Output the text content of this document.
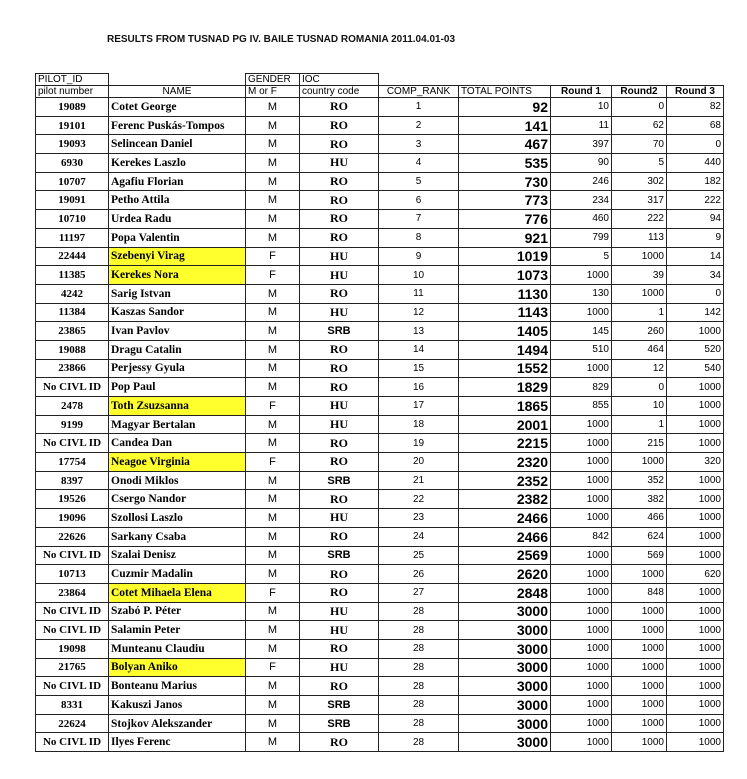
RESULTS FROM TUSNAD PG IV. BAILE TUSNAD ROMANIA 2011.04.01-03
PILOT_ID		GENDER	IOC					
pilot number	NAME	M or F	country code	COMP_RANK	TOTAL POINTS	Round 1	Round2	Round 3
19089	Cotet George	M	RO	1	92	10	0	82
19101	Ferenc Puskás-Tompos	M	RO	2	141	11	62	68
19093	Selincean Daniel	M	RO	3	467	397	70	0
6930	Kerekes Laszlo	M	HU	4	535	90	5	440
10707	Agafiu Florian	M	RO	5	730	246	302	182
19091	Petho Attila	M	RO	6	773	234	317	222
10710	Urdea Radu	M	RO	7	776	460	222	94
11197	Popa Valentin	M	RO	8	921	799	113	9
22444	Szebenyi Virag	F	HU	9	1019	5	1000	14
11385	Kerekes Nora	F	HU	10	1073	1000	39	34
4242	Sarig Istvan	M	RO	11	1130	130	1000	0
11384	Kaszas Sandor	M	HU	12	1143	1000	1	142
23865	Ivan Pavlov	M	SRB	13	1405	145	260	1000
19088	Dragu Catalin	M	RO	14	1494	510	464	520
23866	Perjessy Gyula	M	RO	15	1552	1000	12	540
No CIVL ID	Pop Paul	M	RO	16	1829	829	0	1000
2478	Toth Zsuzsanna	F	HU	17	1865	855	10	1000
9199	Magyar Bertalan	M	HU	18	2001	1000	1	1000
No CIVL ID	Candea Dan	M	RO	19	2215	1000	215	1000
17754	Neagoe Virginia	F	RO	20	2320	1000	1000	320
8397	Onodi Miklos	M	SRB	21	2352	1000	352	1000
19526	Csergo Nandor	M	RO	22	2382	1000	382	1000
19096	Szollosi Laszlo	M	HU	23	2466	1000	466	1000
22626	Sarkany Csaba	M	RO	24	2466	842	624	1000
No CIVL ID	Szalai Denisz	M	SRB	25	2569	1000	569	1000
10713	Cuzmir Madalin	M	RO	26	2620	1000	1000	620
23864	Cotet Mihaela Elena	F	RO	27	2848	1000	848	1000
No CIVL ID	Szabó P. Péter	M	HU	28	3000	1000	1000	1000
No CIVL ID	Salamin Peter	M	HU	28	3000	1000	1000	1000
19098	Munteanu Claudiu	M	RO	28	3000	1000	1000	1000
21765	Bolyan Aniko	F	HU	28	3000	1000	1000	1000
No CIVL ID	Bonteanu Marius	M	RO	28	3000	1000	1000	1000
8331	Kakuszi Janos	M	SRB	28	3000	1000	1000	1000
22624	Stojkov Alekszander	M	SRB	28	3000	1000	1000	1000
No CIVL ID	Ilyes Ferenc	M	RO	28	3000	1000	1000	1000
